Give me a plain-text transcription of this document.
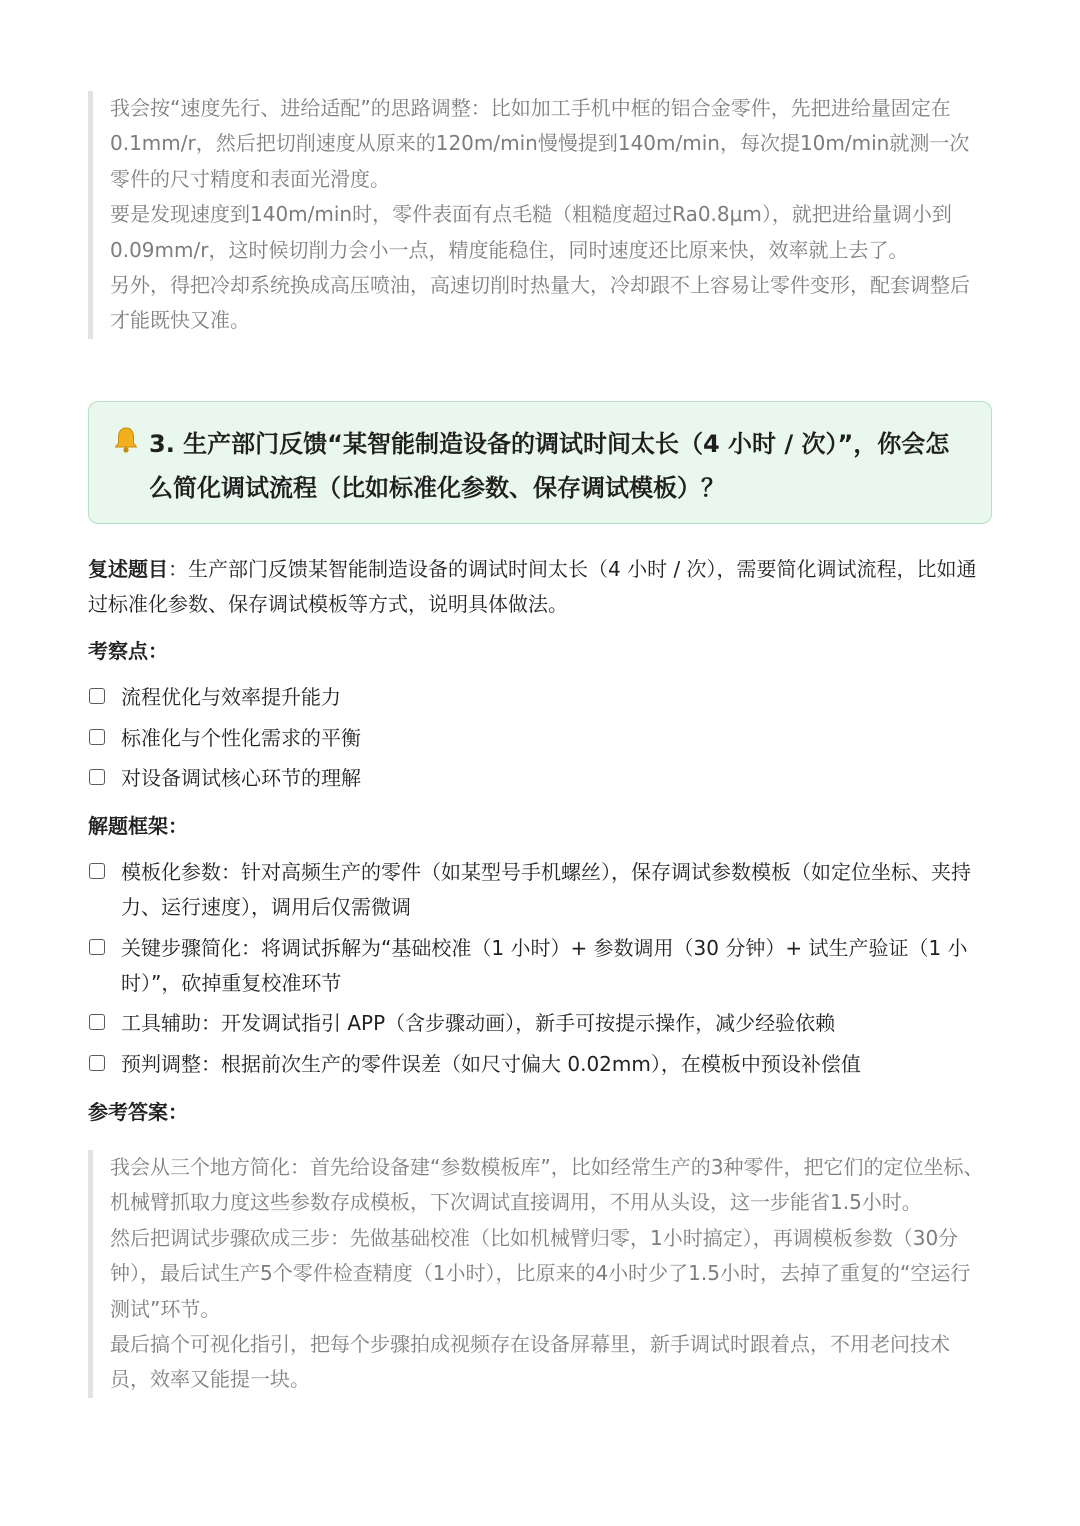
我会按“速度先行、进给适配”的思路调整：比如加工手机中框的铝合金零件，先把进给量固定在0.1mm/r，然后把切削速度从原来的120m/min慢慢提到140m/min，每次提10m/min就测一次零件的尺寸精度和表面光滑度。

要是发现速度到140m/min时，零件表面有点毛糙（粗糙度超过Ra0.8μm），就把进给量调小到0.09mm/r，这时候切削力会小一点，精度能稳住，同时速度还比原来快，效率就上去了。

另外，得把冷却系统换成高压喷油，高速切削时热量大，冷却跟不上容易让零件变形，配套调整后才能既快又准。

3. 生产部门反馈“某智能制造设备的调试时间太长（4 小时 / 次）”，你会怎么简化调试流程（比如标准化参数、保存调试模板）？
复述题目：生产部门反馈某智能制造设备的调试时间太长（4 小时 / 次），需要简化调试流程，比如通过标准化参数、保存调试模板等方式，说明具体做法。
考察点：
流程优化与效率提升能力
标准化与个性化需求的平衡
对设备调试核心环节的理解
解题框架：
模板化参数：针对高频生产的零件（如某型号手机螺丝），保存调试参数模板（如定位坐标、夹持力、运行速度），调用后仅需微调
关键步骤简化：将调试拆解为“基础校准（1 小时）+ 参数调用（30 分钟）+ 试生产验证（1 小时）”，砍掉重复校准环节
工具辅助：开发调试指引 APP（含步骤动画），新手可按提示操作，减少经验依赖
预判调整：根据前次生产的零件误差（如尺寸偏大 0.02mm），在模板中预设补偿值
参考答案：

我会从三个地方简化：首先给设备建“参数模板库”，比如经常生产的3种零件，把它们的定位坐标、机械臂抓取力度这些参数存成模板，下次调试直接调用，不用从头设，这一步能省1.5小时。

然后把调试步骤砍成三步：先做基础校准（比如机械臂归零，1小时搞定），再调模板参数（30分钟），最后试生产5个零件检查精度（1小时），比原来的4小时少了1.5小时，去掉了重复的“空运行测试”环节。

最后搞个可视化指引，把每个步骤拍成视频存在设备屏幕里，新手调试时跟着点，不用老问技术员，效率又能提一块。
